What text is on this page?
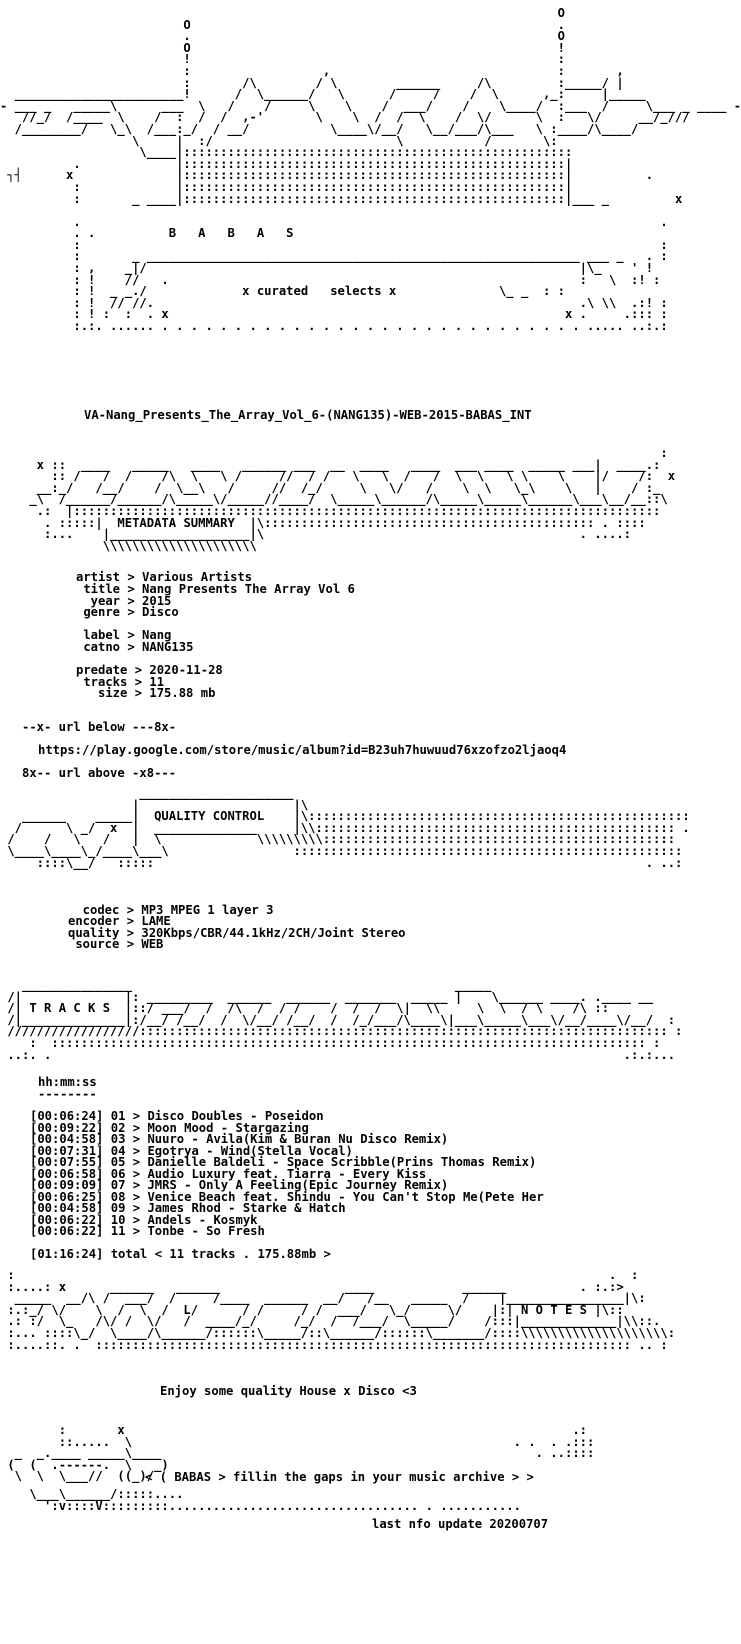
O
O                                                  .
.                                                  O
O                                                  !
!                                                  :
:                  ,                               :       ,
:       /\        / \        ______     /\         :_____/ |
_______________________!      /  \______/   \      /     /    /  \      ,_:     |_____
- ___ _   _____\      ___  \   /    /     \    \    /  ___/    /    \____/  :___  /     \___ _ ____ -
//_/  /____  \    /  :  /  /  ,-'       \    \  /  /  \    /  \/      \  :   \/     __/_///
/________/   \_\  /___:_/  / __/           \____\/__/   \__/___/\___   \ :____/\____/
\     |  :/                         \           /       \:
\____|:::::::::::::::::::::::::::::::::::::::::::::::::::::
.             |::::::::::::::::::::::::::::::::::::::::::::::::::::|
┐┤      x              |::::::::::::::::::::::::::::::::::::::::::::::::::::|          .
:             |::::::::::::::::::::::::::::::::::::::::::::::::::::|
:       _ ____|::::::::::::::::::::::::::::::::::::::::::::::::::::|___ _         x

.                                                                               .
. .	B   A   B   A   S
:                                                                               :
:       _ ___________________________________________________________ ___ _   . :
: ,    _|/                                                           |\_    ' !
: !    //   .                                                        :   \  :! :
: !  _ _./	x curated   selects x	\_ _  : :
: !  // //.                                                          .\ \\  .:! :
: ! :  :  . x                                                      x .     .::: :
:.:. ...... . . . . . . . . . . . . . . . . . . . . . . . . . . . . . ..... ..:.:
VA-Nang_Presents_The_Array_Vol_6-(NANG135)-WEB-2015-BABAS_INT
:
x ::  ____   _____   ____   ______ ___  __  ____   ____  ___ ____  _____ ___|  ____.:
:: /   /  /    /\  \   \ /     //  / /   \   \  /   /  \  \   \ \    \    |/    /:  x
__:_/   /__/    /  \__\   /     //  /_/     \   \/   /    \  \   \_\    \   |    / :_
_\  /______/______/\_____\/_____//____/  \_____\______/\_____\_____\______\___\__/__::\
.:  |::::::::::::::::::::::::::::::::::::::::::::::::::::::::::::::::::::::::::::::::
. :::::|  METADATA SUMMARY  |\::::::::::::::::::::::::::::::::::::::::::::: . ::::
:...    |___________________|\                                           . ....:
\\\\\\\\\\\\\\\\\\\\\
artist > Various Artists
title > Nang Presents The Array Vol 6
year > 2015
genre > Disco
label > Nang
catno > NANG135
predate > 2020-11-28
tracks > 11
size > 175.88 mb
--x- url below ---8x-
https://play.google.com/store/music/album?id=B23uh7huwuud76xzofzo2ljaoq4
8x-- url above -x8---
_____________________
|                     |\
______    _____|  QUALITY CONTROL    |\::::::::::::::::::::::::::::::::::::::::::::::::::::
/      \ _/  x  |  ______________     |\\::::::::::::::::::::::::::::::::::::::::::::::::: .
/    /   \   /   |  \             \\\\\\\\\::::::::::::::::::::::::::::::::::::::::::::::::
\____\____\_/____\___\                 :::::::::::::::::::::::::::::::::::::::::::::::::::::
::::\__/   :::::                                                                   . ..:
codec > MP3 MPEG 1 layer 3
encoder > LAME
quality > 320Kbps/CBR/44.1kHz/2CH/Joint Stereo
source > WEB
_______________                                            _____
/|              |: _________  ______  ______  _______  _____ |    \______ ____. .____ __
/| T R A C K S  |::/ ___/  /  /\  /  / /    /  /  /  \|  \\     \  \  / \    /\ ::
/|______________|:/__/ /__/  /  \/__/ /__/  /  /_/___/\____\|___\_____\___\/__/____\/__/  :
//////////////////:::::::::::::::::::::::::::::::::::::::::::::::::::::::::::::::::::::::: :
:  ::::::::::::::::::::::::::::::::::::::::::::::::::::::::::::::::::::::::::::::::: :
..:. .                                                                              .:.:...
hh:mm:ss
--------
[00:06:24] 01 > Disco Doubles - Poseidon
[00:09:22] 02 > Moon Mood - Stargazing
[00:04:58] 03 > Nuuro - Avila(Kim & Buran Nu Disco Remix)
[00:07:31] 04 > Egotrya - Wind(Stella Vocal)
[00:07:55] 05 > Danielle Baldeli - Space Scribble(Prins Thomas Remix)
[00:06:58] 06 > Audio Luxury feat. Tiarra - Every Kiss
[00:09:09] 07 > JMRS - Only A Feeling(Epic Journey Remix)
[00:06:25] 08 > Venice Beach feat. Shindu - You Can't Stop Me(Pete Her
[00:04:58] 09 > James Rhod - Starke & Hatch
[00:06:22] 10 > Andels - Kosmyk
[00:06:22] 11 > Tonbe - So Fresh
[01:16:24] total < 11 tracks . 175.88mb >
:                                                                                 .  :
:....: x      ______   ______                 ____            ______          . :.:>
_____  __/\ /  ___/  /     /____  ______  __/   /__   _____  /    |________________|\:
:.:_/ \/    \  /  \  /  L/      / /     / /  ___/   \_/     \/    |:| N O T E S |\::
.: :/  \_   /\/ /  \/   /  ____/_/     /_/  /  /___/  \_____/    /:::|_____________|\\::.
:... ::::\_/  \____/\______/::::::\_____/::\______/::::::\_______/::::\\\\\\\\\\\\\\\\\\\\:
:....::. .  ::::::::::::::::::::::::::::::::::::::::::::::::::::::::::::::::::::::::: .. :
Enjoy some quality House x Disco <3
:       x                                                             .:
::.....  \                                                    . .  . .:::
_  _.____ _____\____                                                   . ..::::
(  (  .------.  \   _)
\  \  \___//  ((_)/
< ( BABAS > fillin the gaps in your music archive > >
\___\______/:::::....
':v::::V:::::::::.................................. . ...........
last nfo update 20200707
